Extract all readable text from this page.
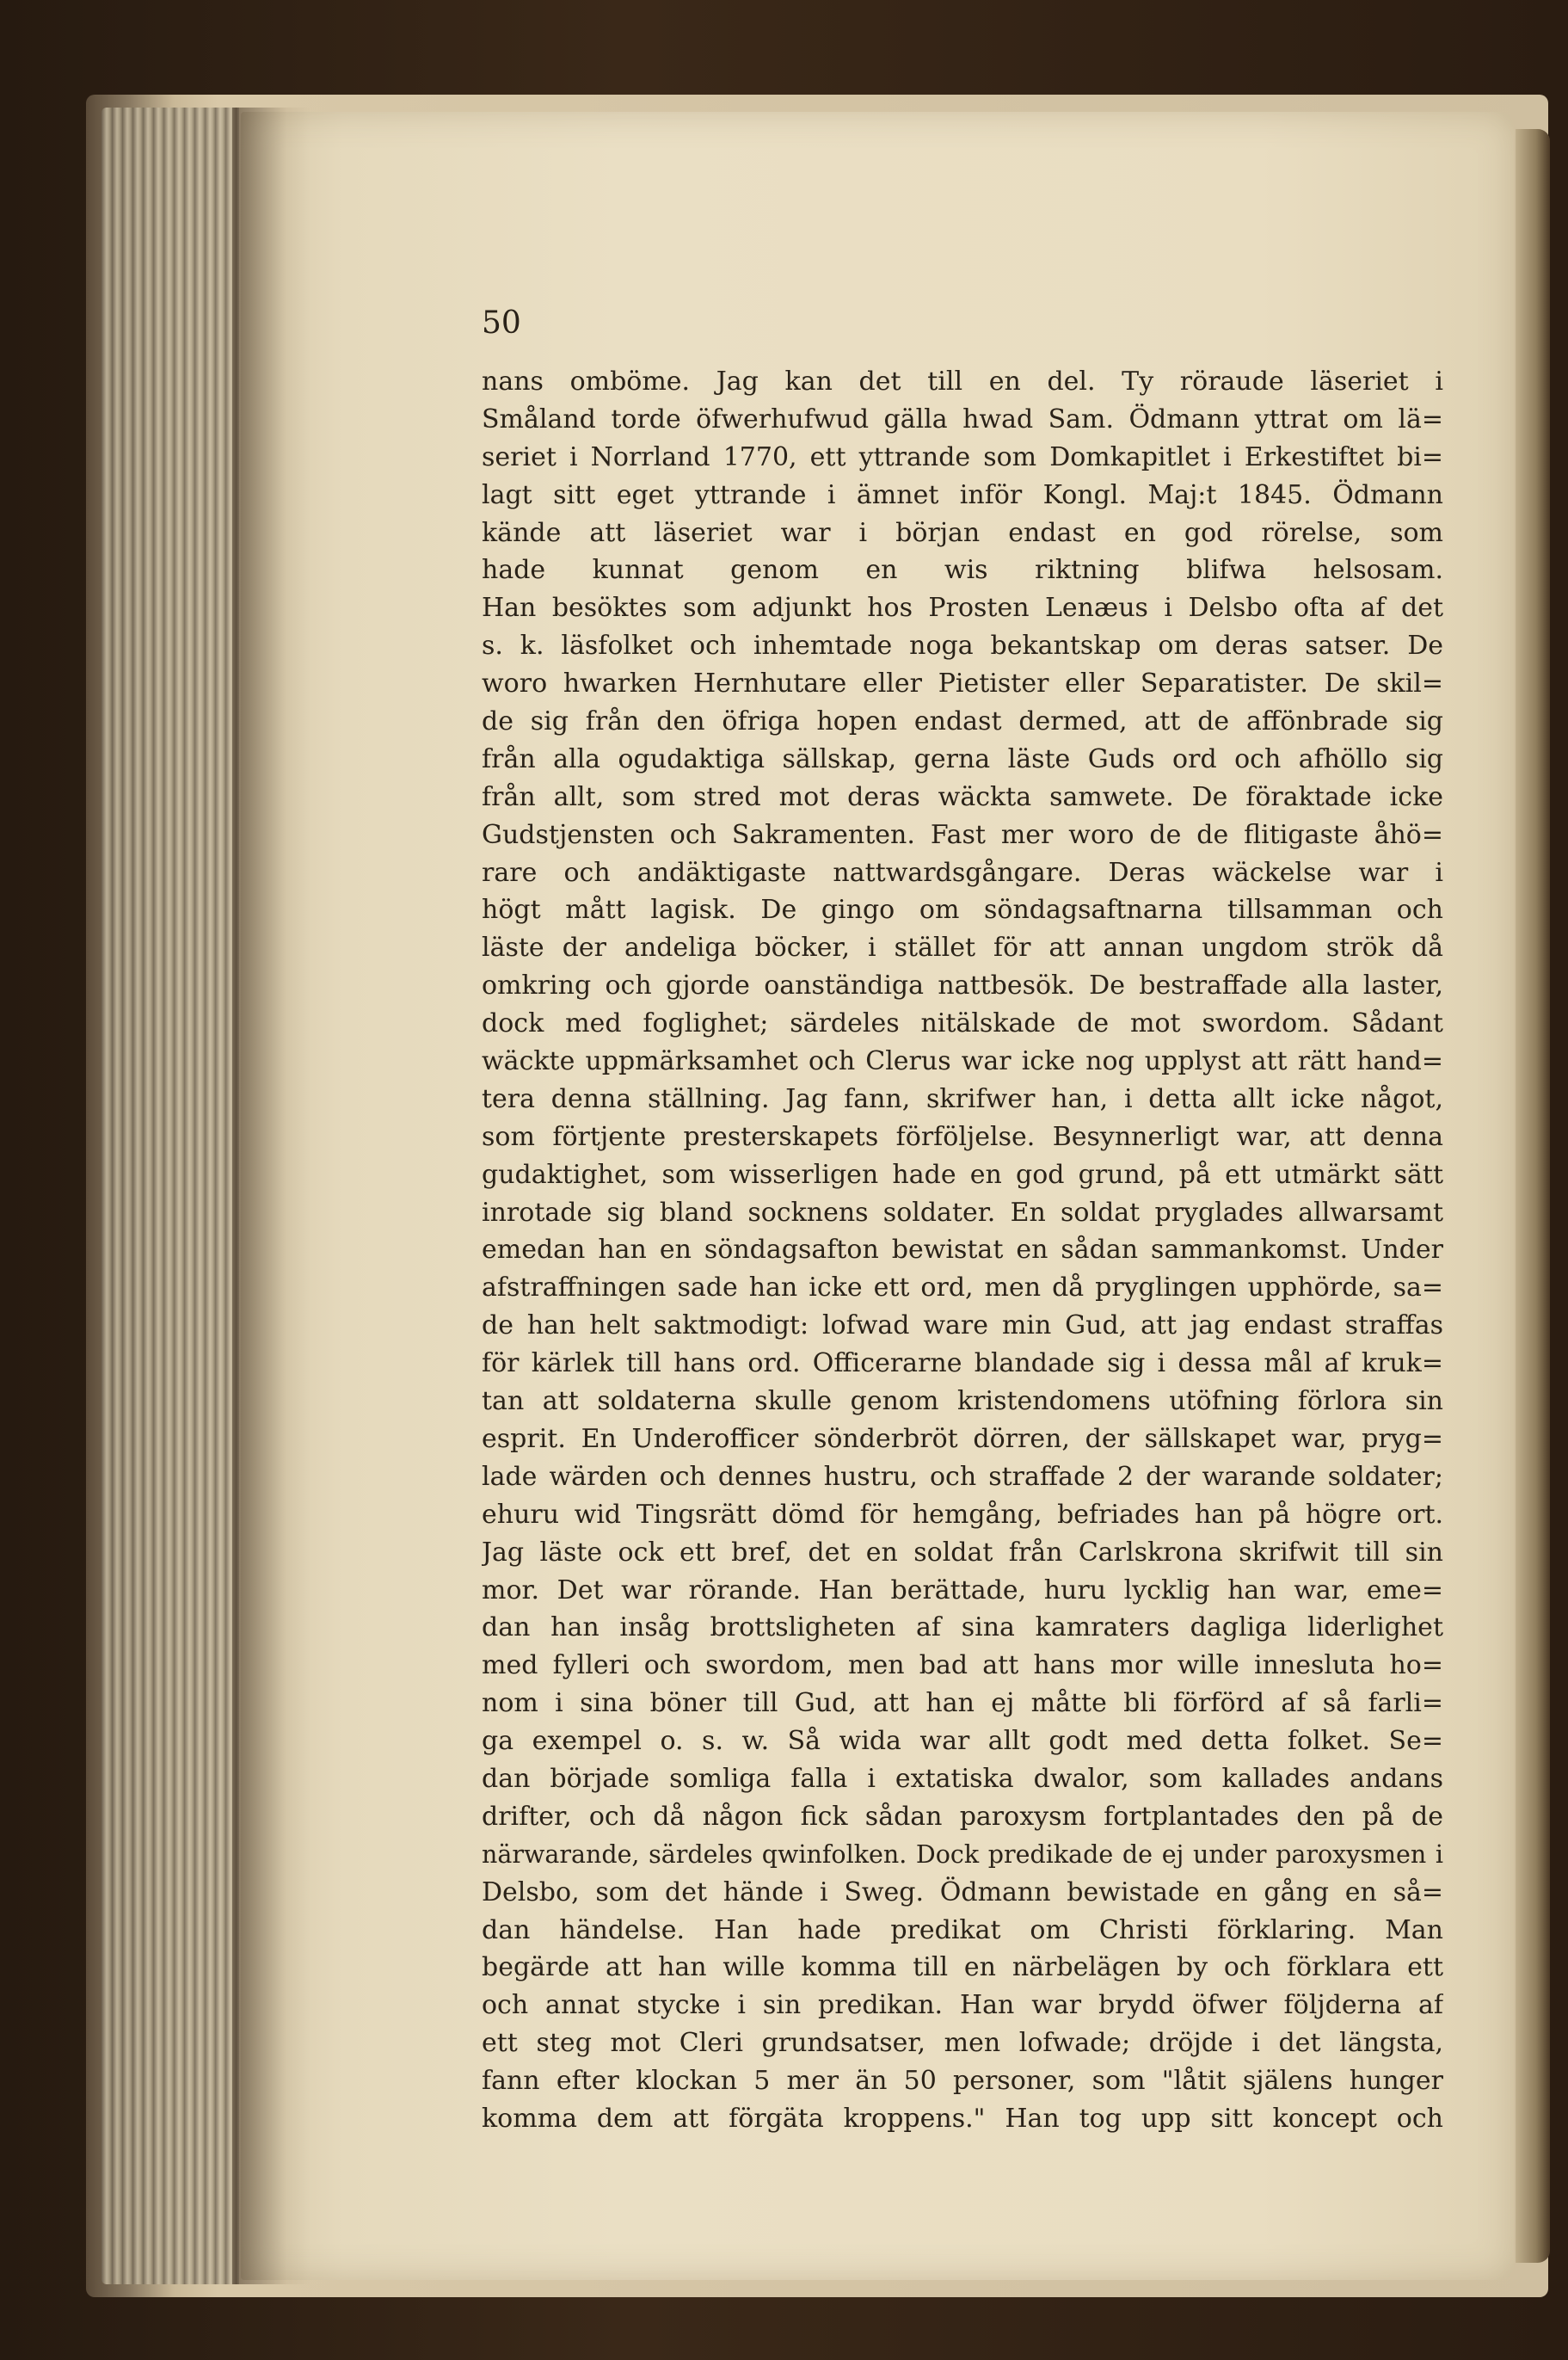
50

nans omböme. Jag kan det till en del. Ty röraude läseriet i
Småland torde öfwerhufwud gälla hwad Sam. Ödmann yttrat om lä=
seriet i Norrland 1770, ett yttrande som Domkapitlet i Erkestiftet bi=
lagt sitt eget yttrande i ämnet inför Kongl. Maj:t 1845. Ödmann
kände att läseriet war i början endast en god rörelse, som
hade kunnat genom en wis riktning blifwa helsosam.
Han besöktes som adjunkt hos Prosten Lenæus i Delsbo ofta af det
s. k. läsfolket och inhemtade noga bekantskap om deras satser. De
woro hwarken Hernhutare eller Pietister eller Separatister. De skil=
de sig från den öfriga hopen endast dermed, att de affönbrade sig
från alla ogudaktiga sällskap, gerna läste Guds ord och afhöllo sig
från allt, som stred mot deras wäckta samwete. De föraktade icke
Gudstjensten och Sakramenten. Fast mer woro de de flitigaste åhö=
rare och andäktigaste nattwardsgångare. Deras wäckelse war i
högt mått lagisk. De gingo om söndagsaftnarna tillsamman och
läste der andeliga böcker, i stället för att annan ungdom strök då
omkring och gjorde oanständiga nattbesök. De bestraffade alla laster,
dock med foglighet; särdeles nitälskade de mot swordom. Sådant
wäckte uppmärksamhet och Clerus war icke nog upplyst att rätt hand=
tera denna ställning. Jag fann, skrifwer han, i detta allt icke något,
som förtjente presterskapets förföljelse. Besynnerligt war, att denna
gudaktighet, som wisserligen hade en god grund, på ett utmärkt sätt
inrotade sig bland socknens soldater. En soldat pryglades allwarsamt
emedan han en söndagsafton bewistat en sådan sammankomst. Under
afstraffningen sade han icke ett ord, men då pryglingen upphörde, sa=
de han helt saktmodigt: lofwad ware min Gud, att jag endast straffas
för kärlek till hans ord. Officerarne blandade sig i dessa mål af kruk=
tan att soldaterna skulle genom kristendomens utöfning förlora sin
esprit. En Underofficer sönderbröt dörren, der sällskapet war, pryg=
lade wärden och dennes hustru, och straffade 2 der warande soldater;
ehuru wid Tingsrätt dömd för hemgång, befriades han på högre ort.
Jag läste ock ett bref, det en soldat från Carlskrona skrifwit till sin
mor. Det war rörande. Han berättade, huru lycklig han war, eme=
dan han insåg brottsligheten af sina kamraters dagliga liderlighet
med fylleri och swordom, men bad att hans mor wille innesluta ho=
nom i sina böner till Gud, att han ej måtte bli förförd af så farli=
ga exempel o. s. w. Så wida war allt godt med detta folket. Se=
dan började somliga falla i extatiska dwalor, som kallades andans
drifter, och då någon fick sådan paroxysm fortplantades den på de
närwarande, särdeles qwinfolken. Dock predikade de ej under paroxysmen i
Delsbo, som det hände i Sweg. Ödmann bewistade en gång en så=
dan händelse. Han hade predikat om Christi förklaring. Man
begärde att han wille komma till en närbelägen by och förklara ett
och annat stycke i sin predikan. Han war brydd öfwer följderna af
ett steg mot Cleri grundsatser, men lofwade; dröjde i det längsta,
fann efter klockan 5 mer än 50 personer, som "låtit själens hunger
komma dem att förgäta kroppens." Han tog upp sitt koncept och
